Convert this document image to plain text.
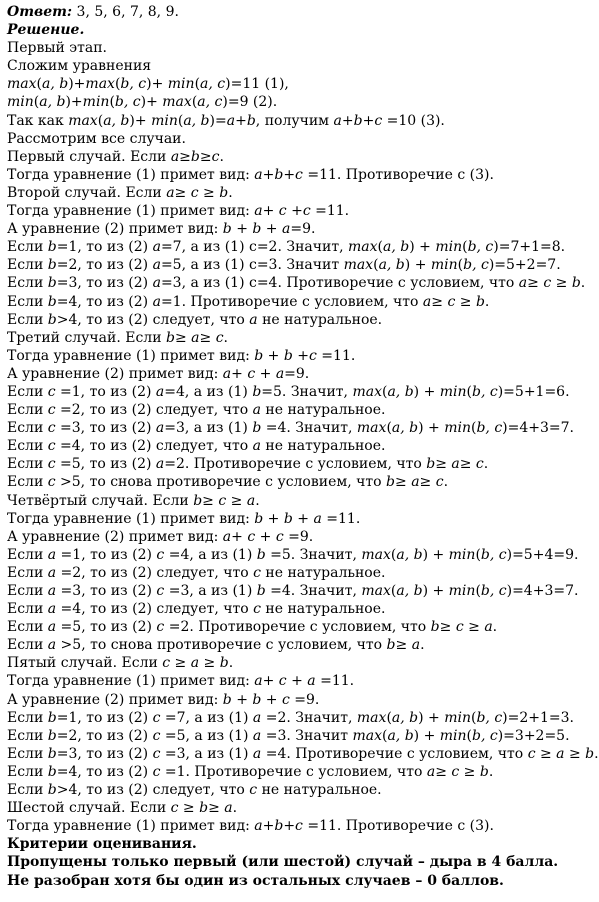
Ответ: 3, 5, 6, 7, 8, 9.
Решение.
Первый этап.
Сложим уравнения
max(a, b)+max(b, c)+ min(a, c)=11 (1),
min(a, b)+min(b, c)+ max(a, c)=9 (2).
Так как max(a, b)+ min(a, b)=a+b, получим a+b+c =10 (3).
Рассмотрим все случаи.
Первый случай. Если a≥b≥c.
Тогда уравнение (1) примет вид: a+b+c =11. Противоречие с (3).
Второй случай. Если a≥ c ≥ b.
Тогда уравнение (1) примет вид: a+ c +c =11.
А уравнение (2) примет вид: b + b + a=9.
Если b=1, то из (2) a=7, а из (1) c=2. Значит, max(a, b) + min(b, c)=7+1=8.
Если b=2, то из (2) a=5, а из (1) c=3. Значит max(a, b) + min(b, c)=5+2=7.
Если b=3, то из (2) a=3, а из (1) c=4. Противоречие с условием, что a≥ c ≥ b.
Если b=4, то из (2) a=1. Противоречие с условием, что a≥ c ≥ b.
Если b>4, то из (2) следует, что a не натуральное.
Третий случай. Если b≥ a≥ c.
Тогда уравнение (1) примет вид: b + b +c =11.
А уравнение (2) примет вид: a+ c + a=9.
Если c =1, то из (2) a=4, а из (1) b=5. Значит, max(a, b) + min(b, c)=5+1=6.
Если c =2, то из (2) следует, что a не натуральное.
Если c =3, то из (2) a=3, а из (1) b =4. Значит, max(a, b) + min(b, c)=4+3=7.
Если c =4, то из (2) следует, что a не натуральное.
Если c =5, то из (2) a=2. Противоречие с условием, что b≥ a≥ c.
Если c >5, то снова противоречие с условием, что b≥ a≥ c.
Четвёртый случай. Если b≥ c ≥ a.
Тогда уравнение (1) примет вид: b + b + a =11.
А уравнение (2) примет вид: a+ c + c =9.
Если a =1, то из (2) c =4, а из (1) b =5. Значит, max(a, b) + min(b, c)=5+4=9.
Если a =2, то из (2) следует, что c не натуральное.
Если a =3, то из (2) c =3, а из (1) b =4. Значит, max(a, b) + min(b, c)=4+3=7.
Если a =4, то из (2) следует, что c не натуральное.
Если a =5, то из (2) c =2. Противоречие с условием, что b≥ c ≥ a.
Если a >5, то снова противоречие с условием, что b≥ a.
Пятый случай. Если c ≥ a ≥ b.
Тогда уравнение (1) примет вид: a+ c + a =11.
А уравнение (2) примет вид: b + b + c =9.
Если b=1, то из (2) c =7, а из (1) a =2. Значит, max(a, b) + min(b, c)=2+1=3.
Если b=2, то из (2) c =5, а из (1) a =3. Значит max(a, b) + min(b, c)=3+2=5.
Если b=3, то из (2) c =3, а из (1) a =4. Противоречие с условием, что c ≥ a ≥ b.
Если b=4, то из (2) c =1. Противоречие с условием, что a≥ c ≥ b.
Если b>4, то из (2) следует, что c не натуральное.
Шестой случай. Если c ≥ b≥ a.
Тогда уравнение (1) примет вид: a+b+c =11. Противоречие с (3).
Критерии оценивания.
Пропущены только первый (или шестой) случай – дыра в 4 балла.
Не разобран хотя бы один из остальных случаев – 0 баллов.
